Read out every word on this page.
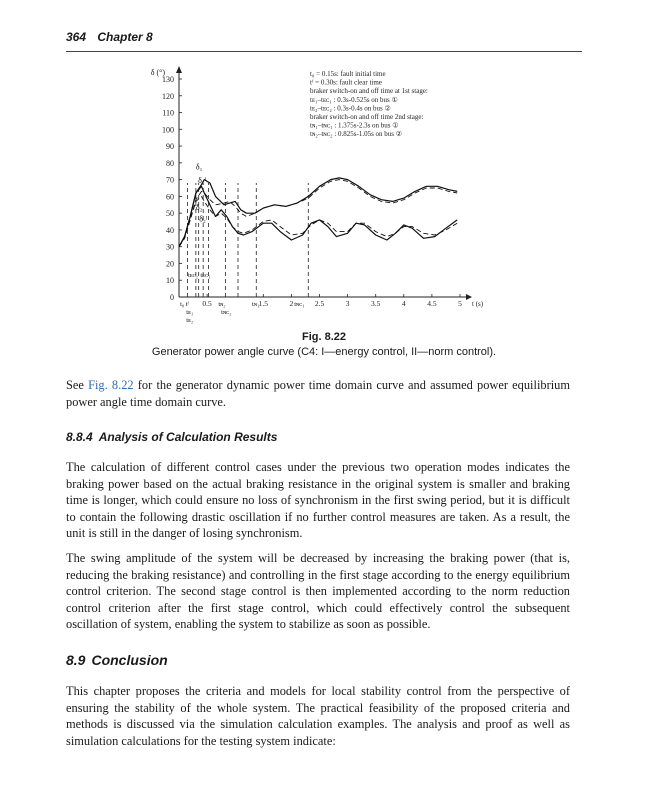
364 Chapter 8
0
10
20
30
40
50
60
70
80
90
100
110
120
130
δ (°)
0.5	1.5	2	2.5	3	3.5	4	4.5	5 t (s)
δ₁
δ₁ᴵ
δ₂
δ₂ᴵ
tᴇᴄ₂ tᴇᴄ₁
t₀ tᶠ
tᴇ₁
tᴇ₂
tɴ₂
tɴᴄ₂
tɴ₁	tɴᴄ₁
t₀ = 0.15s: fault initial time
tᶠ = 0.30s: fault clear time
braker switch-on and off time at 1st stage:
tᴇ₁–tᴇᴄ₁ : 0.3s-0.525s on bus ①
tᴇ₂–tᴇᴄ₂ : 0.3s-0.4s on bus ②
braker switch-on and off time 2nd stage:
tɴ₁–tɴᴄ₁ : 1.375s-2.3s on bus ①
tɴ₂–tɴᴄ₂ : 0.825s-1.05s on bus ②
Fig. 8.22
Generator power angle curve (C4: I—energy control, II—norm control).

See Fig. 8.22 for the generator dynamic power time domain curve and assumed power equilibrium power angle time domain curve.

8.8.4 Analysis of Calculation Results

The calculation of different control cases under the previous two operation modes indicates the braking power based on the actual braking resistance in the original system is smaller and braking time is longer, which could ensure no loss of synchronism in the first swing period, but it is difficult to contain the following drastic oscillation if no further control measures are taken. As a result, the unit is still in the danger of losing synchronism.

The swing amplitude of the system will be decreased by increasing the braking power (that is, reducing the braking resistance) and controlling in the first stage according to the energy equilibrium control criterion. The second stage control is then implemented according to the norm reduction control criterion after the first stage control, which could effectively control the subsequent oscillation of system, enabling the system to stabilize as soon as possible.

8.9 Conclusion

This chapter proposes the criteria and models for local stability control from the perspective of ensuring the stability of the whole system. The practical feasibility of the proposed criteria and methods is discussed via the simulation calculation examples. The analysis and proof as well as simulation calculations for the testing system indicate:
